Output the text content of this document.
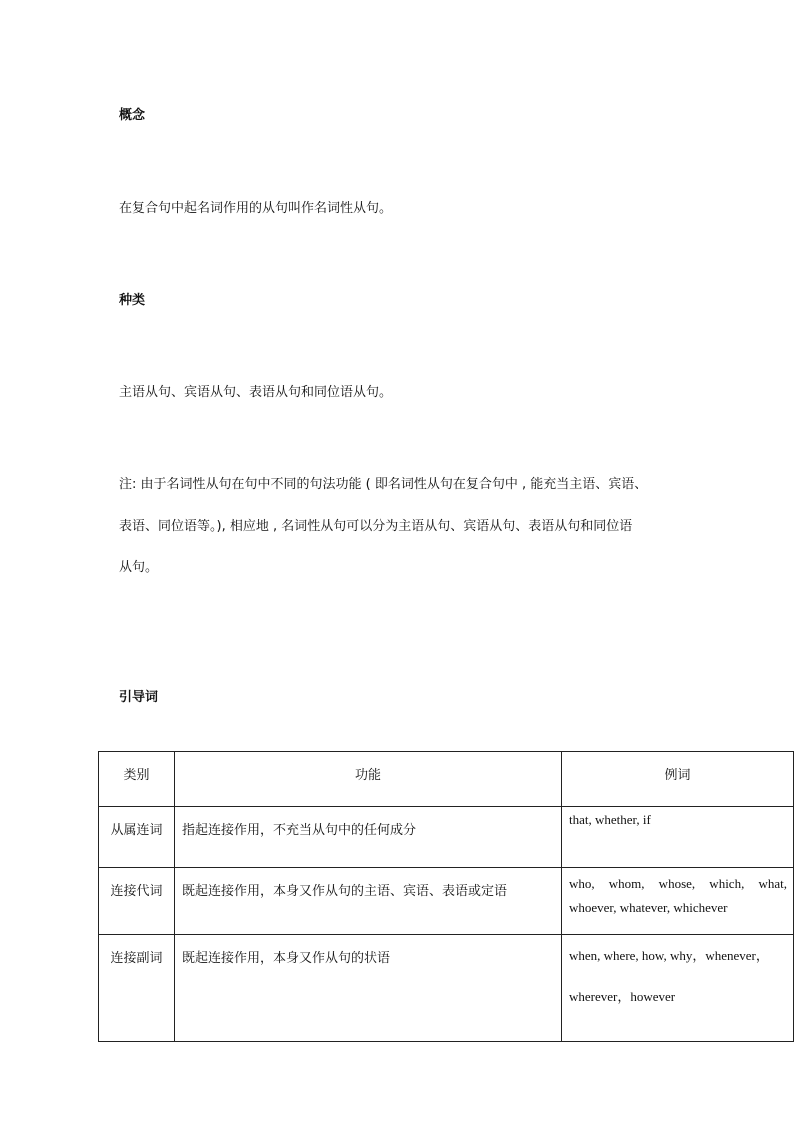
概念
在复合句中起名词作用的从句叫作名词性从句。
种类
主语从句、宾语从句、表语从句和同位语从句。
注: 由于名词性从句在句中不同的句法功能 ( 即名词性从句在复合句中 , 能充当主语、宾语、
表语、同位语等。), 相应地 , 名词性从句可以分为主语从句、宾语从句、表语从句和同位语
从句。
引导词
类别	功能	例词

从属连词	指起连接作用，不充当从句中的任何成分	that, whether, if

连接代词	既起连接作用，本身又作从句的主语、宾语、表语或定语	who, whom, whose, which, what,
whoever, whatever, whichever

连接副词	既起连接作用，本身又作从句的状语	when, where, how, why，whenever，
wherever，however
